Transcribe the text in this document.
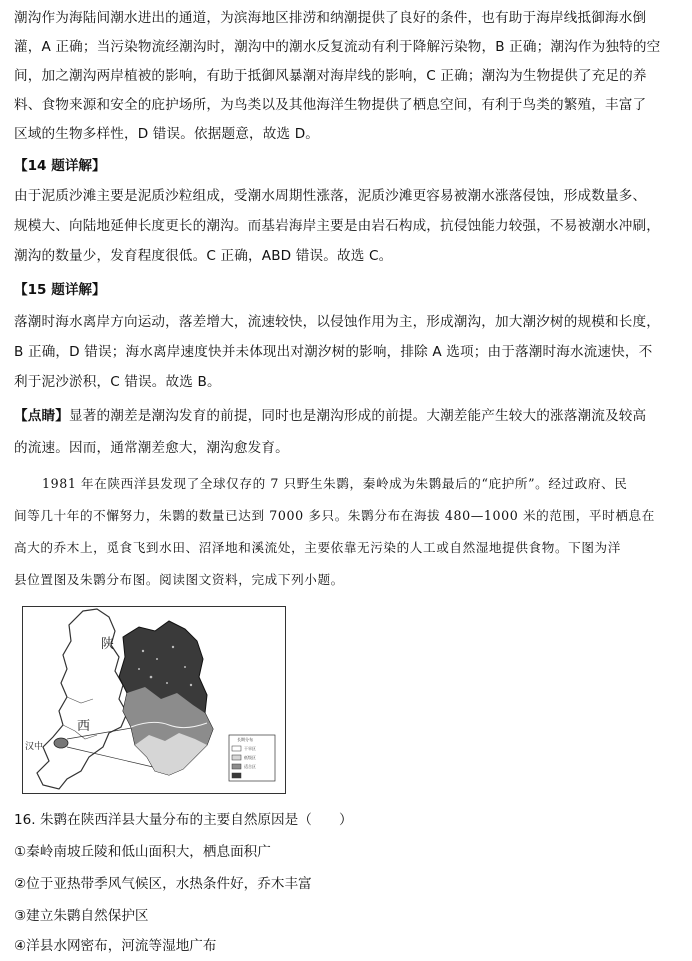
潮沟作为海陆间潮水进出的通道，为滨海地区排涝和纳潮提供了良好的条件，也有助于海岸线抵御海水倒

灌，A 正确；当污染物流经潮沟时，潮沟中的潮水反复流动有利于降解污染物，B 正确；潮沟作为独特的空

间，加之潮沟两岸植被的影响，有助于抵御风暴潮对海岸线的影响，C 正确；潮沟为生物提供了充足的养

料、食物来源和安全的庇护场所，为鸟类以及其他海洋生物提供了栖息空间，有利于鸟类的繁殖，丰富了

区域的生物多样性，D 错误。依据题意，故选 D。

【14 题详解】

由于泥质沙滩主要是泥质沙粒组成，受潮水周期性涨落，泥质沙滩更容易被潮水涨落侵蚀，形成数量多、

规模大、向陆地延伸长度更长的潮沟。而基岩海岸主要是由岩石构成，抗侵蚀能力较强，不易被潮水冲刷，

潮沟的数量少，发育程度很低。C 正确，ABD 错误。故选 C。

【15 题详解】

落潮时海水离岸方向运动，落差增大，流速较快，以侵蚀作用为主，形成潮沟，加大潮汐树的规模和长度，

B 正确，D 错误；海水离岸速度快并未体现出对潮汐树的影响，排除 A 选项；由于落潮时海水流速快，不

利于泥沙淤积，C 错误。故选 B。

【点睛】显著的潮差是潮沟发育的前提，同时也是潮沟形成的前提。大潮差能产生较大的涨落潮流及较高

的流速。因而，通常潮差愈大，潮沟愈发育。

1981 年在陕西洋县发现了全球仅存的 7 只野生朱鹮，秦岭成为朱鹮最后的“庇护所”。经过政府、民

间等几十年的不懈努力，朱鹮的数量已达到 7000 多只。朱鹮分布在海拔 480—1000 米的范围，平时栖息在

高大的乔木上，觅食飞到水田、沼泽地和溪流处，主要依靠无污染的人工或自然湿地提供食物。下图为洋

县位置图及朱鹮分布图。阅读图文资料，完成下列小题。

陕
西
汉中
长期分布
干旱区
低级区
适合区

16. 朱鹮在陕西洋县大量分布的主要自然原因是（　　）

①秦岭南坡丘陵和低山面积大，栖息面积广

②位于亚热带季风气候区，水热条件好，乔木丰富

③建立朱鹮自然保护区

④洋县水网密布，河流等湿地广布
